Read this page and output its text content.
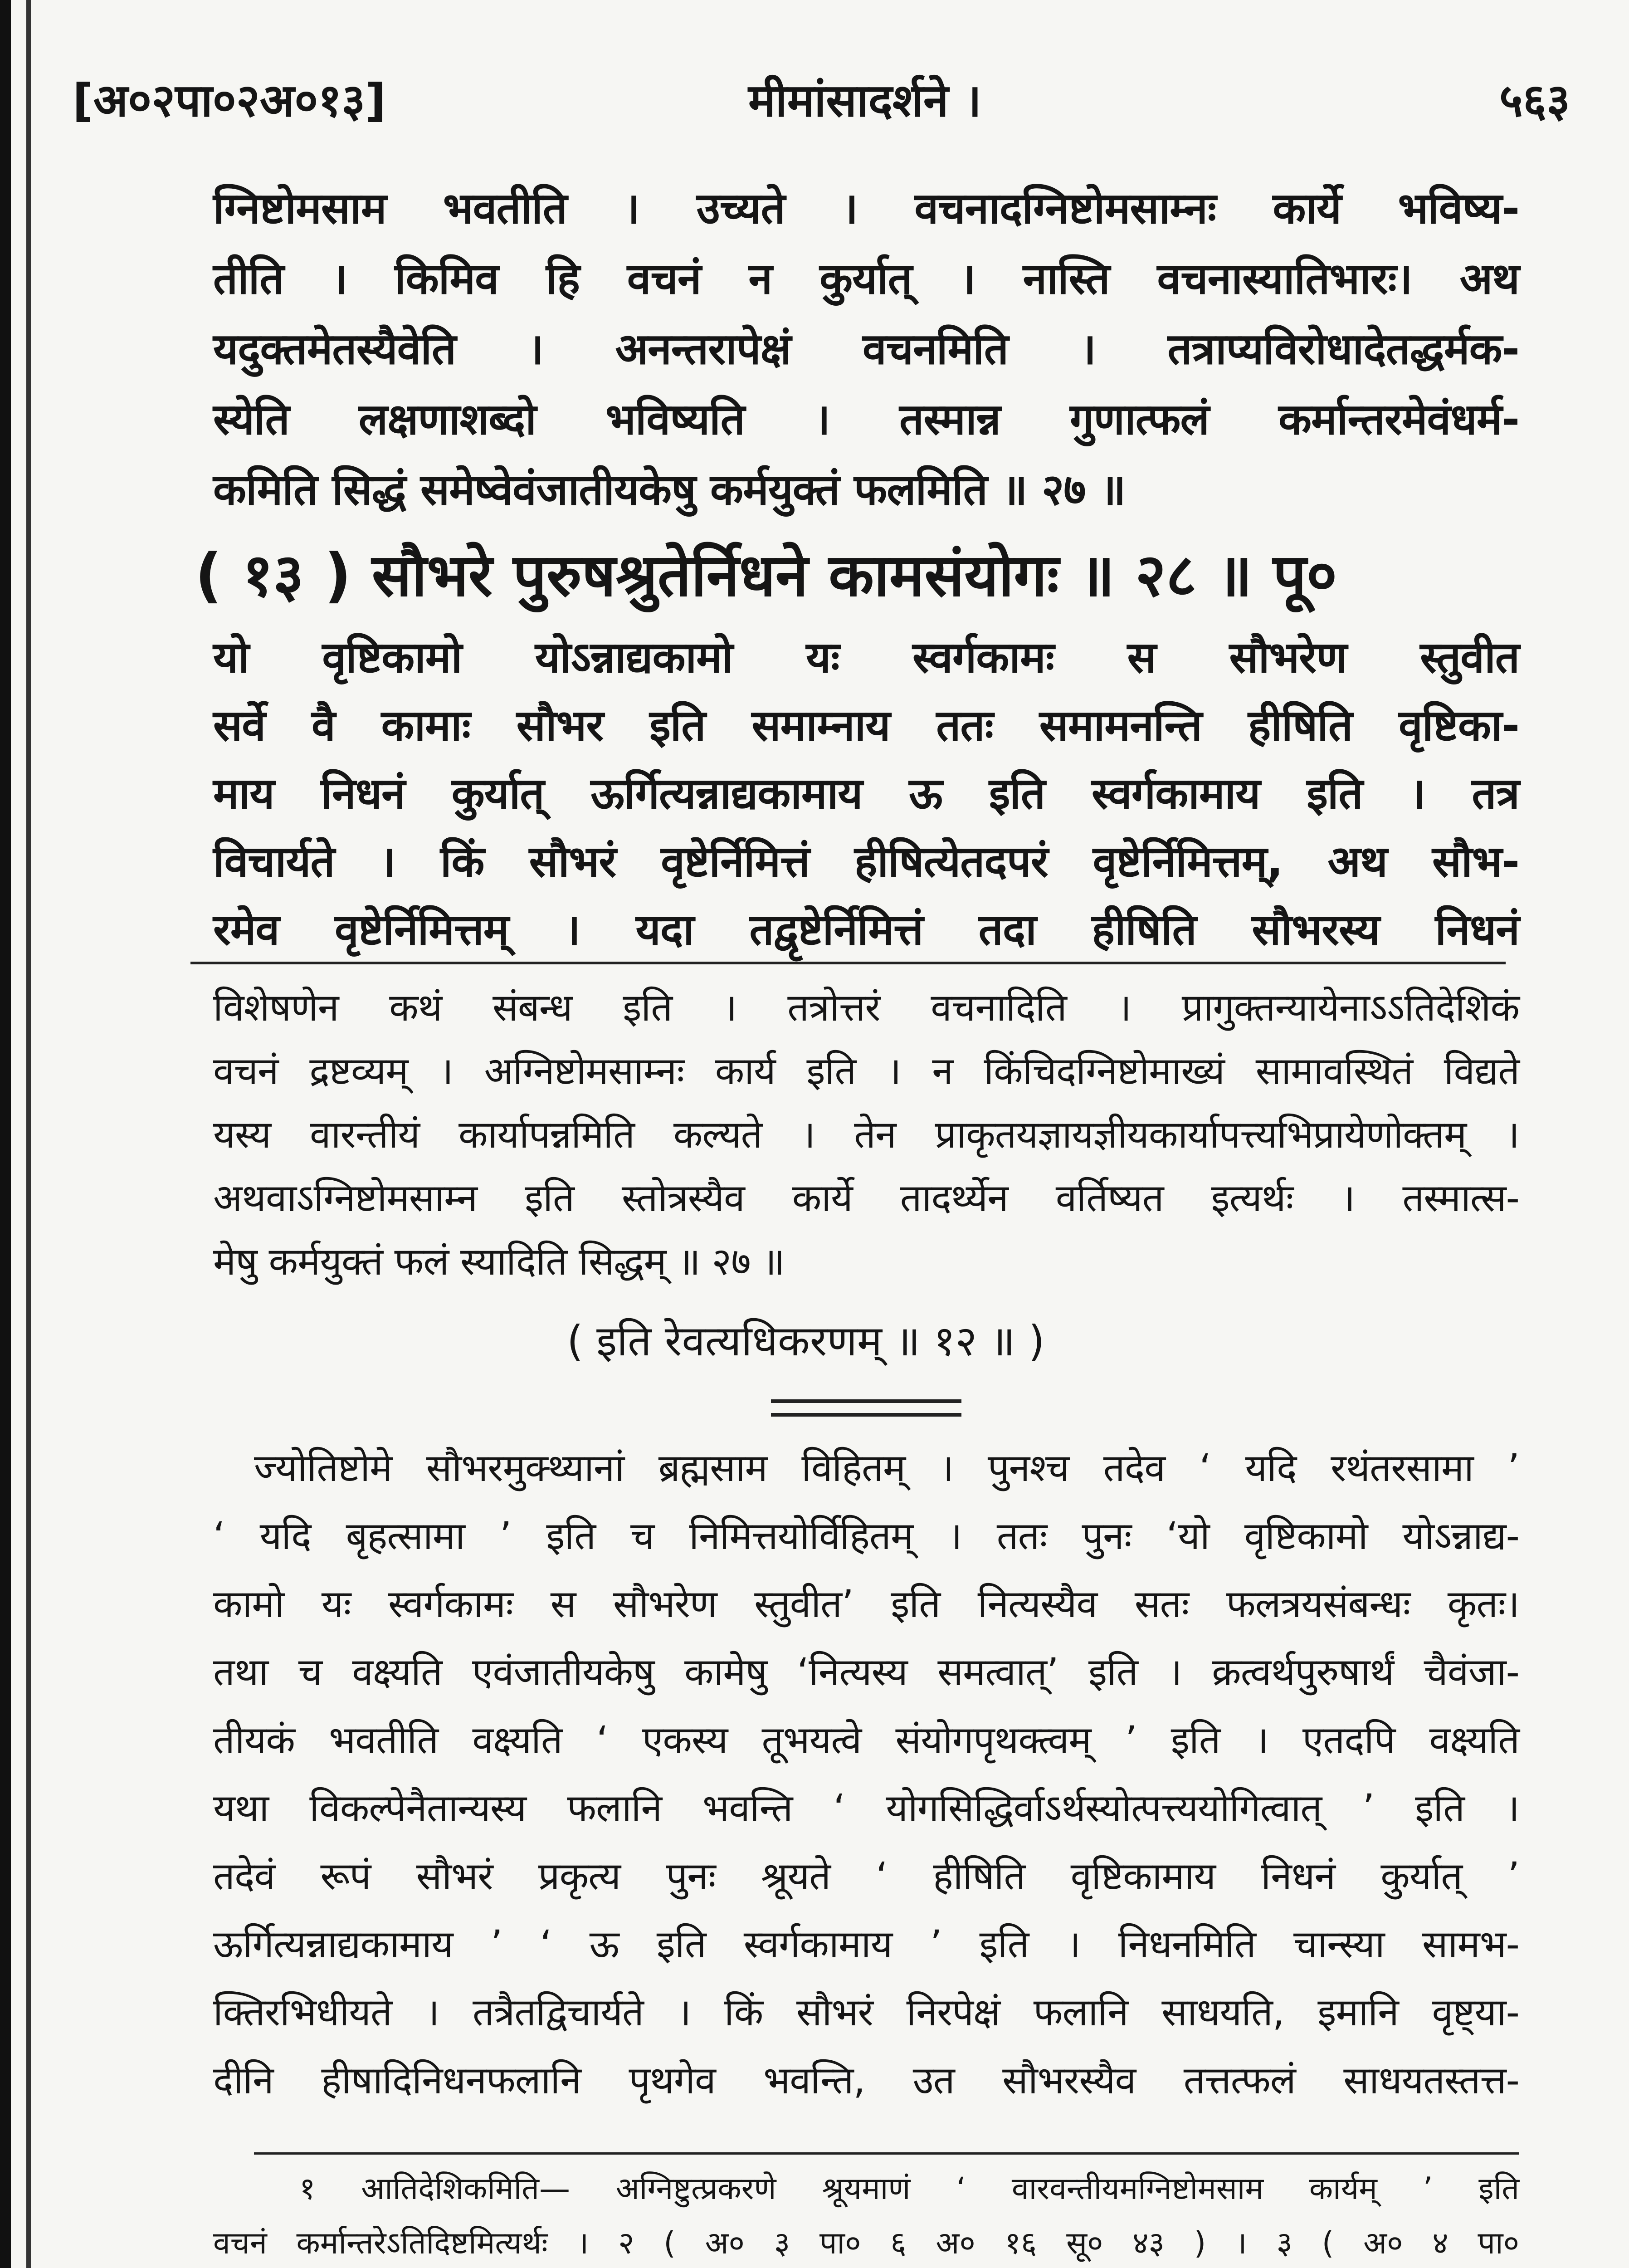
[अ०२पा०२अ०१३]	मीमांसादर्शने ।	५६३
ग्निष्टोमसाम भवतीति । उच्यते । वचनादग्निष्टोमसाम्नः कार्ये भविष्य-
तीति । किमिव हि वचनं न कुर्यात् । नास्ति वचनास्यातिभारः। अथ
यदुक्तमेतस्यैवेति । अनन्तरापेक्षं वचनमिति । तत्राप्यविरोधादेतद्धर्मक-
स्येति लक्षणाशब्दो भविष्यति । तस्मान्न गुणात्फलं कर्मान्तरमेवंधर्म-
कमिति सिद्धं समेष्वेवंजातीयकेषु कर्मयुक्तं फलमिति ॥ २७ ॥
( १३ ) सौभरे पुरुषश्रुतेर्निधने कामसंयोगः ॥ २८ ॥ पू०
यो वृष्टिकामो योऽन्नाद्यकामो यः स्वर्गकामः स सौभरेण स्तुवीत
सर्वे वै कामाः सौभर इति समाम्नाय ततः समामनन्ति हीषिति वृष्टिका-
माय निधनं कुर्यात् ऊर्गित्यन्नाद्यकामाय ऊ इति स्वर्गकामाय इति । तत्र
विचार्यते । किं सौभरं वृष्टेर्निमित्तं हीषित्येतदपरं वृष्टेर्निमित्तम्, अथ सौभ-
रमेव वृष्टेर्निमित्तम् । यदा तद्वृष्टेर्निमित्तं तदा हीषिति सौभरस्य निधनं
विशेषणेन कथं संबन्ध इति । तत्रोत्तरं वचनादिति । प्रागुक्तन्यायेनाऽऽतिदेशिकं
वचनं द्रष्टव्यम् । अग्निष्टोमसाम्नः कार्य इति । न किंचिदग्निष्टोमाख्यं सामावस्थितं विद्यते
यस्य वारन्तीयं कार्यापन्नमिति कल्यते । तेन प्राकृतयज्ञायज्ञीयकार्यापत्त्यभिप्रायेणोक्तम् ।
अथवाऽग्निष्टोमसाम्न इति स्तोत्रस्यैव कार्ये तादर्थ्येन वर्तिष्यत इत्यर्थः । तस्मात्स-
मेषु कर्मयुक्तं फलं स्यादिति सिद्धम् ॥ २७ ॥
( इति रेवत्यधिकरणम् ॥ १२ ॥ )
ज्योतिष्टोमे सौभरमुक्थ्यानां ब्रह्मसाम विहितम् । पुनश्च तदेव ‘ यदि रथंतरसामा ’
‘ यदि बृहत्सामा ’ इति च निमित्तयोर्विहितम् । ततः पुनः ‘यो वृष्टिकामो योऽन्नाद्य-
कामो यः स्वर्गकामः स सौभरेण स्तुवीत’ इति नित्यस्यैव सतः फलत्रयसंबन्धः कृतः।
तथा च वक्ष्यति एवंजातीयकेषु कामेषु ‘नित्यस्य समत्वात्’ इति । क्रत्वर्थपुरुषार्थं चैवंजा-
तीयकं भवतीति वक्ष्यति ‘ एकस्य तूभयत्वे संयोगपृथक्त्वम् ’ इति । एतदपि वक्ष्यति
यथा विकल्पेनैतान्यस्य फलानि भवन्ति ‘ योगसिद्धिर्वाऽर्थस्योत्पत्त्ययोगित्वात् ’ इति ।
तदेवं रूपं सौभरं प्रकृत्य पुनः श्रूयते ‘ हीषिति वृष्टिकामाय निधनं कुर्यात् ’
ऊर्गित्यन्नाद्यकामाय ’ ‘ ऊ इति स्वर्गकामाय ’ इति । निधनमिति चान्स्या सामभ-
क्तिरभिधीयते । तत्रैतद्विचार्यते । किं सौभरं निरपेक्षं फलानि साधयति, इमानि वृष्ट्या-
दीनि हीषादिनिधनफलानि पृथगेव भवन्ति, उत सौभरस्यैव तत्तत्फलं साधयतस्तत्त-
१ आतिदेशिकमिति— अग्निष्टुत्प्रकरणे श्रूयमाणं ‘ वारवन्तीयमग्निष्टोमसाम कार्यम् ’ इति
वचनं कर्मान्तरेऽतिदिष्टमित्यर्थः । २ ( अ० ३ पा० ६ अ० १६ सू० ४३ ) । ३ ( अ० ४ पा०
